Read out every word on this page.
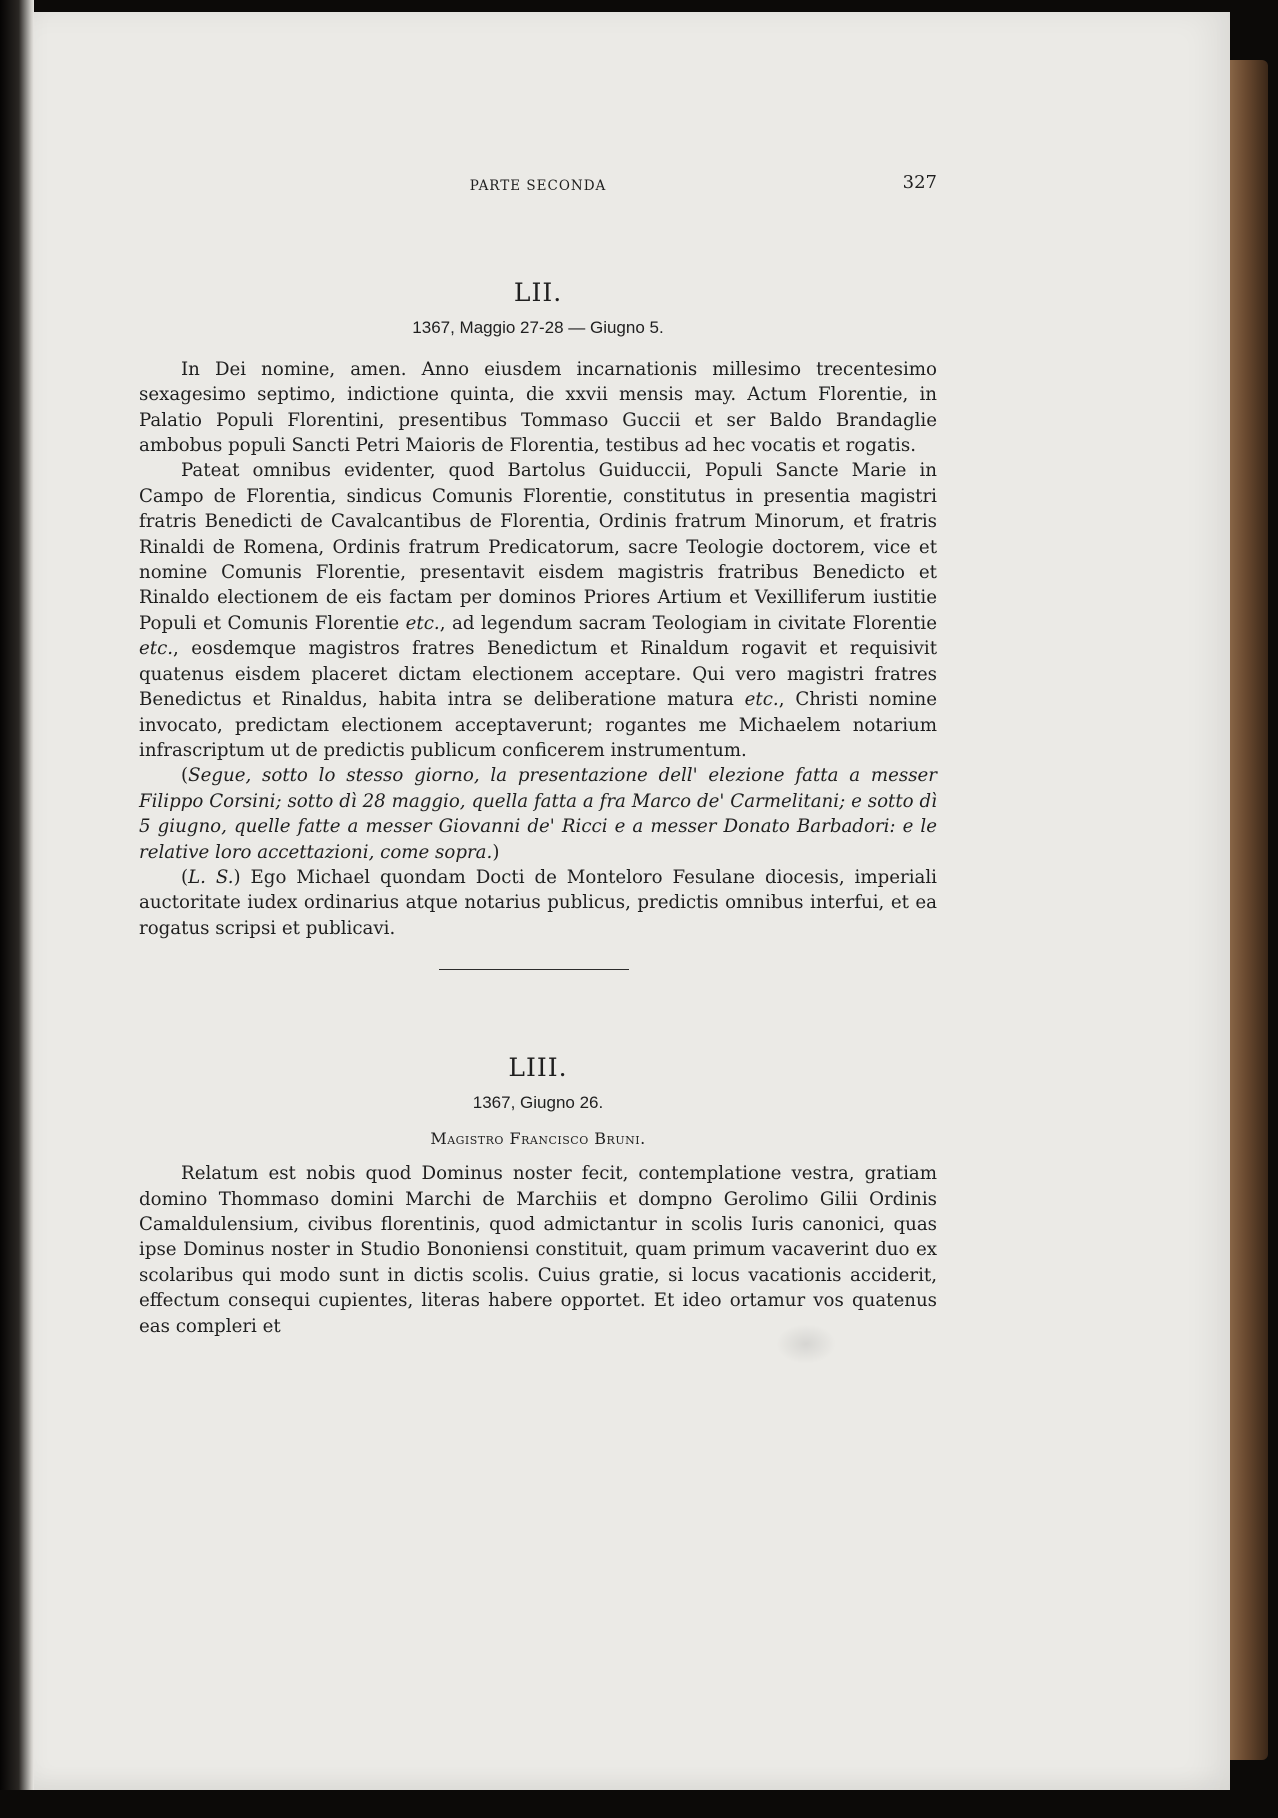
PARTE SECONDA	327
LII.
1367, Maggio 27-28 — Giugno 5.

In Dei nomine, amen. Anno eiusdem incarnationis millesimo trecentesimo sexagesimo septimo, indictione quinta, die xxvii mensis may. Actum Florentie, in Palatio Populi Florentini, presentibus Tommaso Guccii et ser Baldo Brandaglie ambobus populi Sancti Petri Maioris de Florentia, testibus ad hec vocatis et rogatis.

Pateat omnibus evidenter, quod Bartolus Guiduccii, Populi Sancte Marie in Campo de Florentia, sindicus Comunis Florentie, constitutus in presentia magistri fratris Benedicti de Cavalcantibus de Florentia, Ordinis fratrum Minorum, et fratris Rinaldi de Romena, Ordinis fratrum Predicatorum, sacre Teologie doctorem, vice et nomine Comunis Florentie, presentavit eisdem magistris fratribus Benedicto et Rinaldo electionem de eis factam per dominos Priores Artium et Vexilliferum iustitie Populi et Comunis Florentie etc., ad legendum sacram Teologiam in civitate Florentie etc., eosdemque magistros fratres Benedictum et Rinaldum rogavit et requisivit quatenus eisdem placeret dictam electionem acceptare. Qui vero magistri fratres Benedictus et Rinaldus, habita intra se deliberatione matura etc., Christi nomine invocato, predictam electionem acceptaverunt; rogantes me Michaelem notarium infrascriptum ut de predictis publicum conficerem instrumentum.

(Segue, sotto lo stesso giorno, la presentazione dell' elezione fatta a messer Filippo Corsini; sotto dì 28 maggio, quella fatta a fra Marco de' Carmelitani; e sotto dì 5 giugno, quelle fatte a messer Giovanni de' Ricci e a messer Donato Barbadori: e le relative loro accettazioni, come sopra.)

(L. S.) Ego Michael quondam Docti de Monteloro Fesulane diocesis, imperiali auctoritate iudex ordinarius atque notarius publicus, predictis omnibus interfui, et ea rogatus scripsi et publicavi.

LIII.
1367, Giugno 26.
Magistro Francisco Bruni.

Relatum est nobis quod Dominus noster fecit, contemplatione vestra, gratiam domino Thommaso domini Marchi de Marchiis et dompno Gerolimo Gilii Ordinis Camaldulensium, civibus florentinis, quod admictantur in scolis Iuris canonici, quas ipse Dominus noster in Studio Bononiensi constituit, quam primum vacaverint duo ex scolaribus qui modo sunt in dictis scolis. Cuius gratie, si locus vacationis acciderit, effectum consequi cupientes, literas habere opportet. Et ideo ortamur vos quatenus eas compleri et
